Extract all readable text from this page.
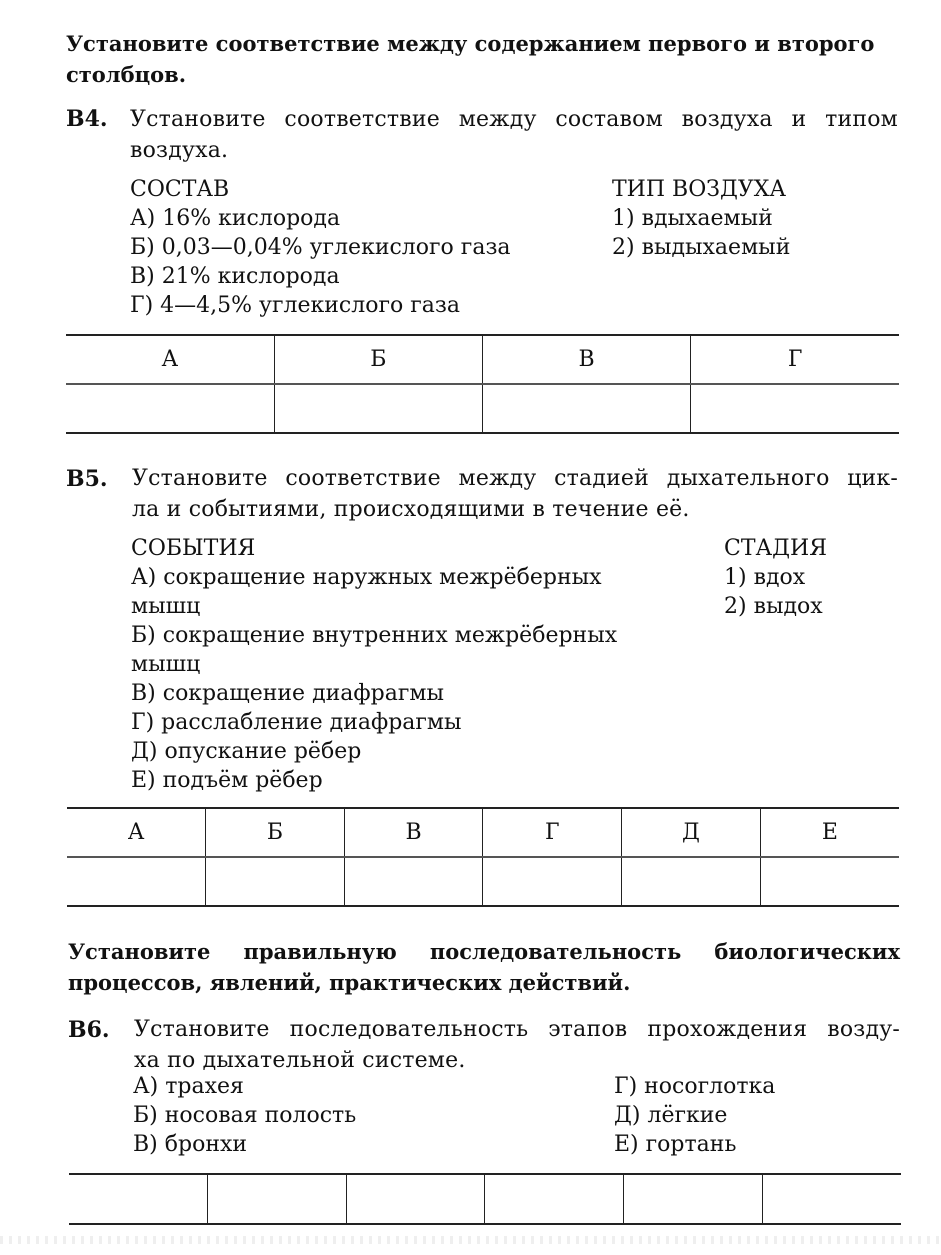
Установите соответствие между содержанием первого и второго столбцов.
В4. Установите соответствие между составом воздуха и типом
воздуха.
СОСТАВ
А) 16% кислорода
Б) 0,03—0,04% углекислого газа
В) 21% кислорода
Г) 4—4,5% углекислого газа
ТИП ВОЗДУХА
1) вдыхаемый
2) выдыхаемый
А	Б	В	Г

В5. Установите соответствие между стадией дыхательного цик-
ла и событиями, происходящими в течение её.
СОБЫТИЯ
А) сокращение наружных межрёберных
мышц
Б) сокращение внутренних межрёберных
мышц
В) сокращение диафрагмы
Г) расслабление диафрагмы
Д) опускание рёбер
Е) подъём рёбер
СТАДИЯ
1) вдох
2) выдох
А	Б	В	Г	Д	Е

Установите правильную последовательность биологических
процессов, явлений, практических действий.
В6. Установите последовательность этапов прохождения возду-
ха по дыхательной системе.
А) трахея
Б) носовая полость
В) бронхи
Г) носоглотка
Д) лёгкие
Е) гортань
